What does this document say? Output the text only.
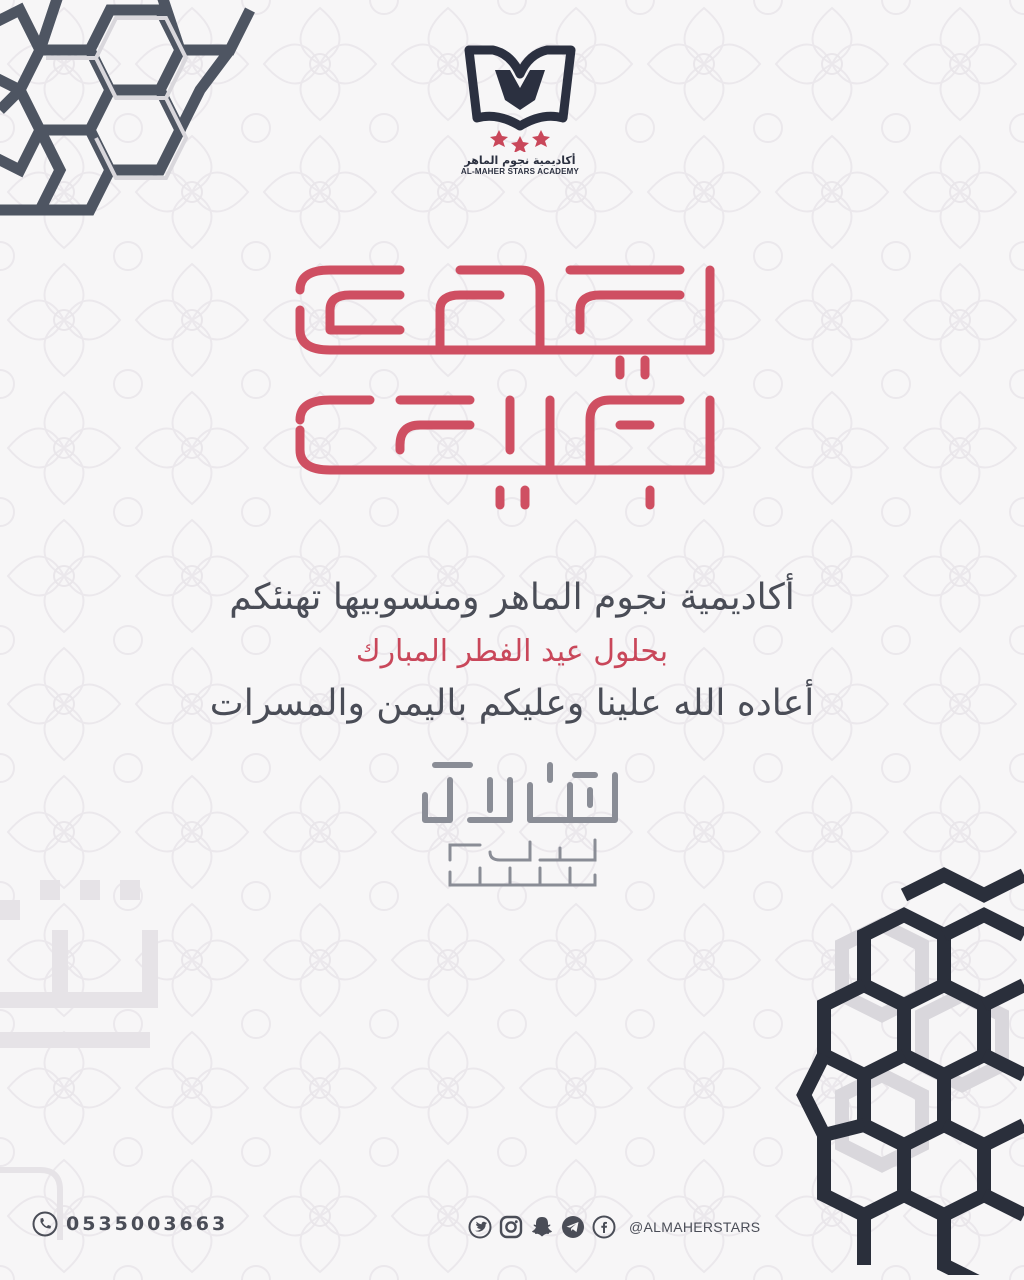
أكاديمية نجوم الماهر
AL-MAHER STARS ACADEMY
أكاديمية نجوم الماهر ومنسوبيها تهنئكم
بحلول عيد الفطر المبارك
أعاده الله علينا وعليكم باليمن والمسرات
0535003663	@ALMAHERSTARS
